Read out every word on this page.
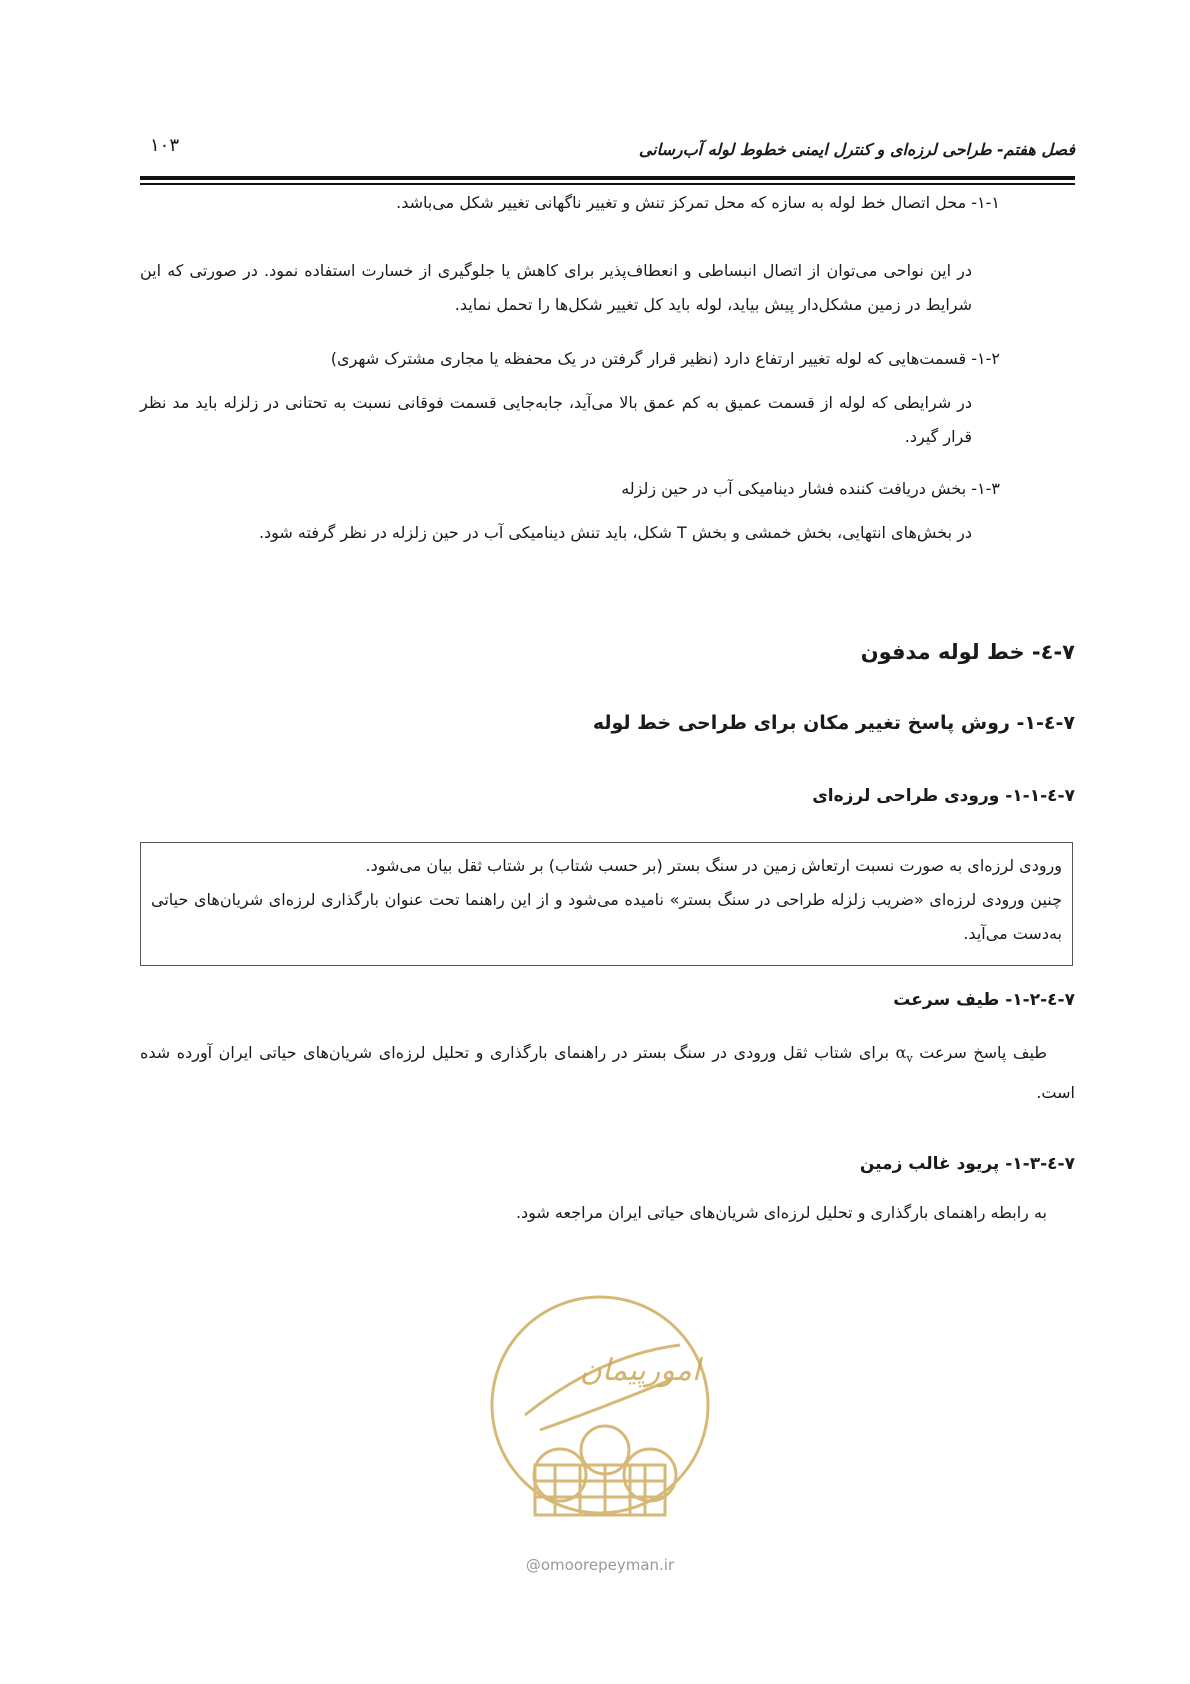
فصل هفتم- طراحی لرزه‌ای و کنترل ایمنی خطوط لوله آب‌رسانی
۱۰۳

۱-۱- محل اتصال خط لوله به سازه که محل تمرکز تنش و تغییر ناگهانی تغییر شکل می‌باشد.

در این نواحی می‌توان از اتصال انبساطی و انعطاف‌پذیر برای کاهش یا جلوگیری از خسارت استفاده نمود. در صورتی که این شرایط در زمین مشکل‌دار پیش بیاید، لوله باید کل تغییر شکل‌ها را تحمل نماید.

۱-۲- قسمت‌هایی که لوله تغییر ارتفاع دارد (نظیر قرار گرفتن در یک محفظه یا مجاری مشترک شهری)

در شرایطی که لوله از قسمت عمیق به کم عمق بالا می‌آید، جابه‌جایی قسمت فوقانی نسبت به تحتانی در زلزله باید مد نظر قرار گیرد.

۱-۳- بخش دریافت کننده فشار دینامیکی آب در حین زلزله

در بخش‌های انتهایی، بخش خمشی و بخش T شکل، باید تنش دینامیکی آب در حین زلزله در نظر گرفته شود.

۷-٤- خط لوله مدفون
۷-٤-۱- روش پاسخ تغییر مکان برای طراحی خط لوله
۷-٤-۱-۱- ورودی طراحی لرزه‌ای

ورودی لرزه‌ای به صورت نسبت ارتعاش زمین در سنگ بستر (بر حسب شتاب) بر شتاب ثقل بیان می‌شود.

چنین ورودی لرزه‌ای «ضریب زلزله طراحی در سنگ بستر» نامیده می‌شود و از این راهنما تحت عنوان بارگذاری لرزه‌ای شریان‌های حیاتی به‌دست می‌آید.

۷-٤-۱-۲- طیف سرعت

طیف پاسخ سرعت $\alpha_v$ برای شتاب ثقل ورودی در سنگ بستر در راهنمای بارگذاری و تحلیل لرزه‌ای شریان‌های حیاتی ایران آورده شده است.

۷-٤-۱-۳- پریود غالب زمین

به رابطه راهنمای بارگذاری و تحلیل لرزه‌ای شریان‌های حیاتی ایران مراجعه شود.

امورپیمان
@omoorepeyman.ir
